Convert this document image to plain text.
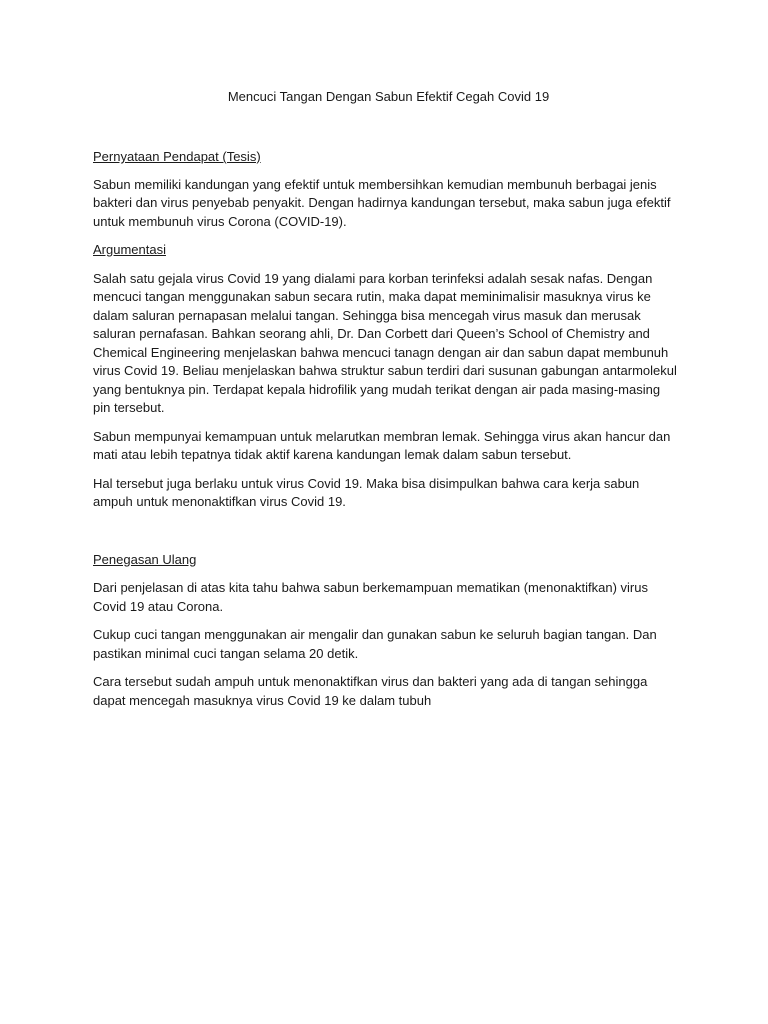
Mencuci Tangan Dengan Sabun Efektif Cegah Covid 19

Pernyataan Pendapat (Tesis)

Sabun memiliki kandungan yang efektif untuk membersihkan kemudian membunuh berbagai jenis bakteri dan virus penyebab penyakit. Dengan hadirnya kandungan tersebut, maka sabun juga efektif untuk membunuh virus Corona (COVID-19).

Argumentasi

Salah satu gejala virus Covid 19 yang dialami para korban terinfeksi adalah sesak nafas. Dengan mencuci tangan menggunakan sabun secara rutin, maka dapat meminimalisir masuknya virus ke dalam saluran pernapasan melalui tangan. Sehingga bisa mencegah virus masuk dan merusak saluran pernafasan. Bahkan seorang ahli, Dr. Dan Corbett dari Queen’s School of Chemistry and Chemical Engineering menjelaskan bahwa mencuci tanagn dengan air dan sabun dapat membunuh virus Covid 19. Beliau menjelaskan bahwa struktur sabun terdiri dari susunan gabungan antarmolekul yang bentuknya pin. Terdapat kepala hidrofilik yang mudah terikat dengan air pada masing-masing pin tersebut.

Sabun mempunyai kemampuan untuk melarutkan membran lemak. Sehingga virus akan hancur dan mati atau lebih tepatnya tidak aktif karena kandungan lemak dalam sabun tersebut.

Hal tersebut juga berlaku untuk virus Covid 19. Maka bisa disimpulkan bahwa cara kerja sabun ampuh untuk menonaktifkan virus Covid 19.

Penegasan Ulang

Dari penjelasan di atas kita tahu bahwa sabun berkemampuan mematikan (menonaktifkan) virus Covid 19 atau Corona.

Cukup cuci tangan menggunakan air mengalir dan gunakan sabun ke seluruh bagian tangan. Dan pastikan minimal cuci tangan selama 20 detik.

Cara tersebut sudah ampuh untuk menonaktifkan virus dan bakteri yang ada di tangan sehingga dapat mencegah masuknya virus Covid 19 ke dalam tubuh
